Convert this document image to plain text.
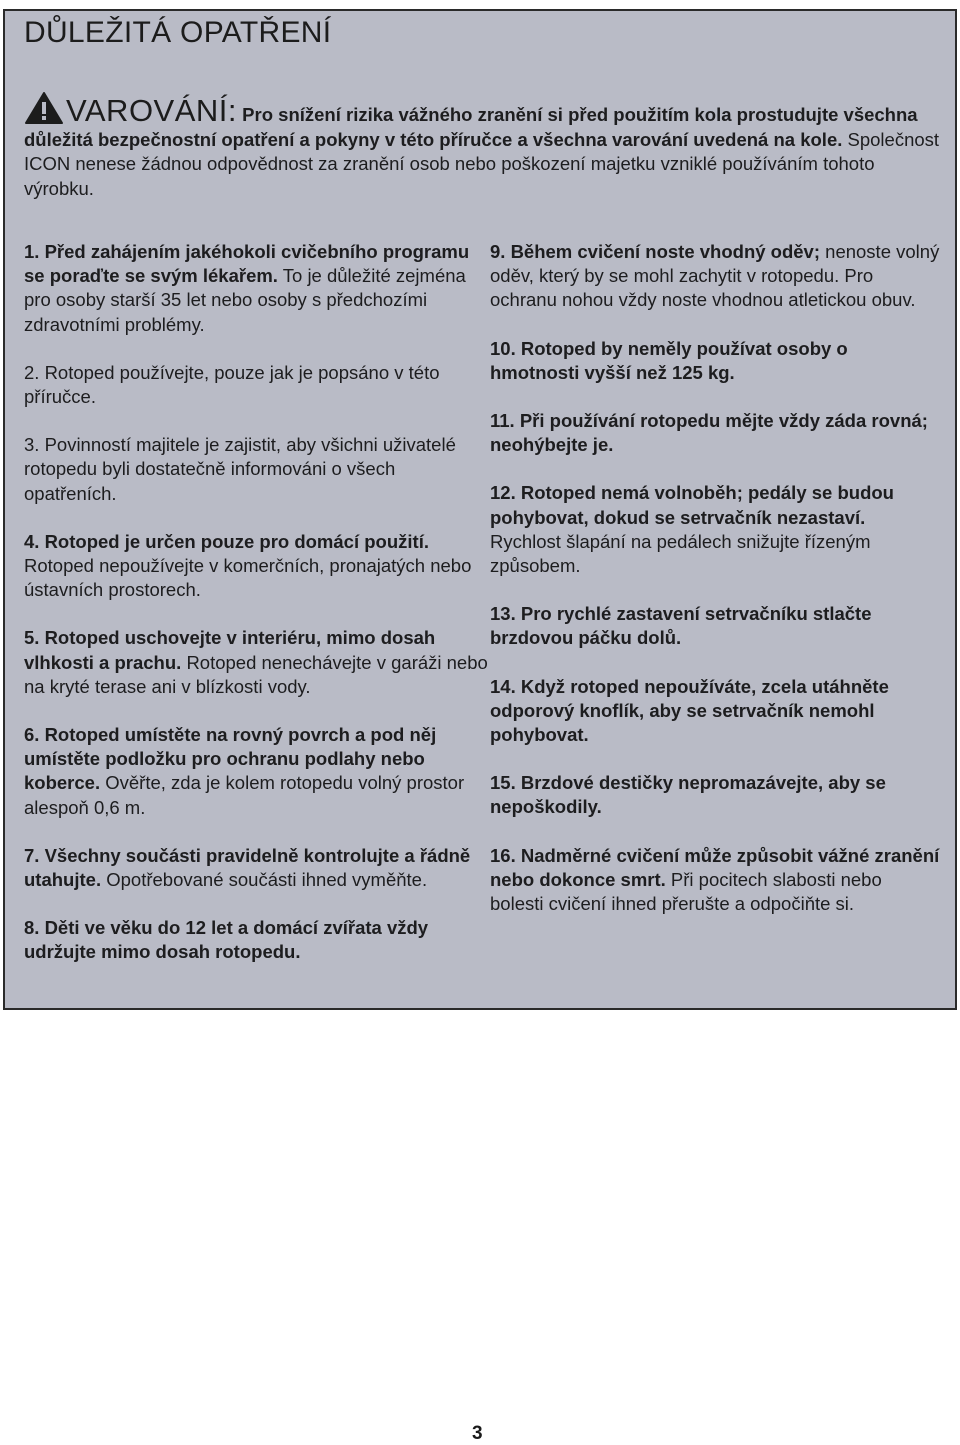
DŮLEŽITÁ OPATŘENÍ
VAROVÁNÍ: Pro snížení rizika vážného zranění si před použitím kola prostudujte všechna důležitá bezpečnostní opatření a pokyny v této příručce a všechna varování uvedená na kole. Společnost ICON nenese žádnou odpovědnost za zranění osob nebo poškození majetku vzniklé používáním tohoto výrobku.

1. Před zahájením jakéhokoli cvičebního programu se poraďte se svým lékařem. To je důležité zejména pro osoby starší 35 let nebo osoby s předchozími zdravotními problémy.

2. Rotoped používejte, pouze jak je popsáno v této příručce.

3. Povinností majitele je zajistit, aby všichni uživatelé rotopedu byli dostatečně informováni o všech opatřeních.

4. Rotoped je určen pouze pro domácí použití. Rotoped nepoužívejte v komerčních, pronajatých nebo ústavních prostorech.

5. Rotoped uschovejte v interiéru, mimo dosah vlhkosti a prachu. Rotoped nenechávejte v garáži nebo na kryté terase ani v blízkosti vody.

6. Rotoped umístěte na rovný povrch a pod něj umístěte podložku pro ochranu podlahy nebo koberce. Ověřte, zda je kolem rotopedu volný prostor alespoň 0,6 m.

7. Všechny součásti pravidelně kontrolujte a řádně utahujte. Opotřebované součásti ihned vyměňte.

8. Děti ve věku do 12 let a domácí zvířata vždy udržujte mimo dosah rotopedu.

9. Během cvičení noste vhodný oděv; nenoste volný oděv, který by se mohl zachytit v rotopedu. Pro ochranu nohou vždy noste vhodnou atletickou obuv.

10. Rotoped by neměly používat osoby o hmotnosti vyšší než 125 kg.

11. Při používání rotopedu mějte vždy záda rovná; neohýbejte je.

12. Rotoped nemá volnoběh; pedály se budou pohybovat, dokud se setrvačník nezastaví. Rychlost šlapání na pedálech snižujte řízeným způsobem.

13. Pro rychlé zastavení setrvačníku stlačte brzdovou páčku dolů.

14. Když rotoped nepoužíváte, zcela utáhněte odporový knoflík, aby se setrvačník nemohl pohybovat.

15. Brzdové destičky nepromazávejte, aby se nepoškodily.

16. Nadměrné cvičení může způsobit vážné zranění nebo dokonce smrt. Při pocitech slabosti nebo bolesti cvičení ihned přerušte a odpočiňte si.

3
